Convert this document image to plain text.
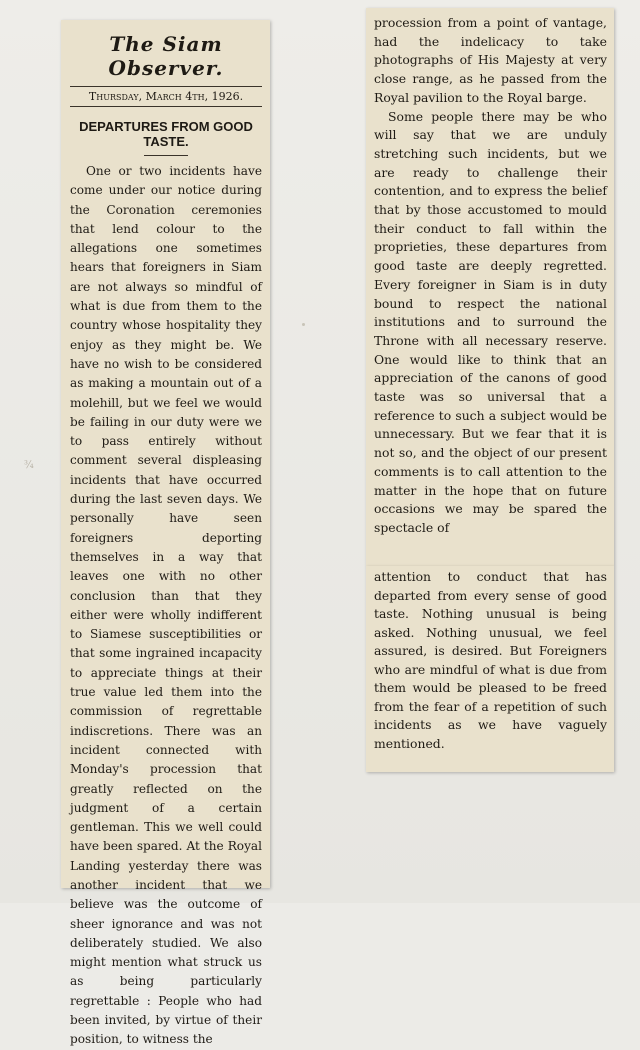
¾
The Siam Observer.
Thursday, March 4th, 1926.
DEPARTURES FROM GOOD TASTE.

One or two incidents have come under our notice during the Coronation ceremonies that lend colour to the allegations one sometimes hears that foreigners in Siam are not always so mindful of what is due from them to the country whose hospitality they enjoy as they might be. We have no wish to be considered as making a mountain out of a molehill, but we feel we would be failing in our duty were we to pass entirely without comment several displeasing incidents that have occurred during the last seven days. We personally have seen foreigners deporting themselves in a way that leaves one with no other conclusion than that they either were wholly indifferent to Siamese susceptibilities or that some ingrained incapacity to appreciate things at their true value led them into the commission of regrettable indiscretions. There was an incident connected with Monday's procession that greatly reflected on the judgment of a certain gentleman. This we well could have been spared. At the Royal Landing yesterday there was another incident that we believe was the outcome of sheer ignorance and was not deliberately studied. We also might mention what struck us as being particularly regrettable : People who had been invited, by virtue of their position, to witness the

procession from a point of vantage, had the indelicacy to take photographs of His Majesty at very close range, as he passed from the Royal pavilion to the Royal barge.

Some people there may be who will say that we are unduly stretching such incidents, but we are ready to challenge their contention, and to express the belief that by those accustomed to mould their conduct to fall within the proprieties, these departures from good taste are deeply regretted. Every foreigner in Siam is in duty bound to respect the national institutions and to surround the Throne with all necessary reserve. One would like to think that an appreciation of the canons of good taste was so universal that a reference to such a subject would be unnecessary. But we fear that it is not so, and the object of our present comments is to call attention to the matter in the hope that on future occasions we may be spared the spectacle of

attention to conduct that has departed from every sense of good taste. Nothing unusual is being asked. Nothing unusual, we feel assured, is desired. But Foreigners who are mindful of what is due from them would be pleased to be freed from the fear of a repetition of such incidents as we have vaguely mentioned.
